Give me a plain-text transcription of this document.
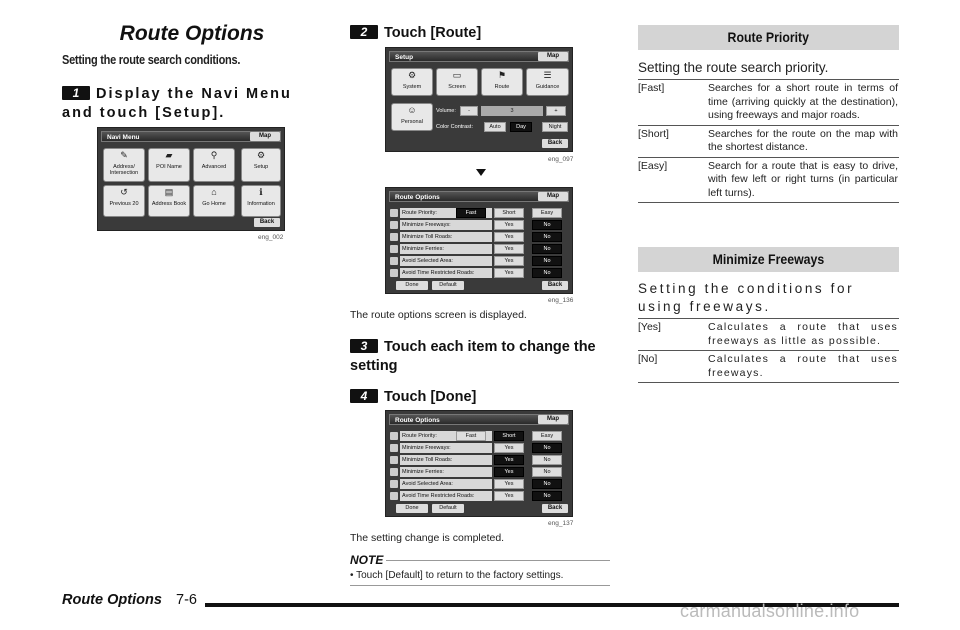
Route Options
Setting the route search conditions.
1 Display the Navi Menu and touch [Setup].
Navi Menu	Map
✎
Address/ Intersection
▰
POI Name
⚲
Advanced
⚙
Setup
↺
Previous 20
▤
Address Book
⌂
Go Home
ℹ
Information
Back
eng_002
2 Touch [Route]
Setup	Map
⚙
System
▭
Screen
⚑
Route
☰
Guidance
☺
Personal
Volume:	-	3	+
Color Contrast:	Auto	Day	Night
Back
eng_097
Route Options	Map
Route Priority:	Fast	Short	Easy
Minimize Freeways:	Yes	No
Minimize Toll Roads:	Yes	No
Minimize Ferries:	Yes	No
Avoid Selected Area:	Yes	No
Avoid Time Restricted Roads:	Yes	No
Done	Default	Back
eng_136
The route options screen is displayed.
3 Touch each item to change the setting
4 Touch [Done]
Route Options	Map
Route Priority:	Fast	Short	Easy
Minimize Freeways:	Yes	No
Minimize Toll Roads:	Yes	No
Minimize Ferries:	Yes	No
Avoid Selected Area:	Yes	No
Avoid Time Restricted Roads:	Yes	No
Done	Default	Back
eng_137
The setting change is completed.
NOTE
• Touch [Default] to return to the factory settings.
Route Priority
Setting the route search priority.
[Fast]	Searches for a short route in terms of time (arriving quickly at the destination), using freeways and major roads.
[Short]	Searches for the route on the map with the shortest distance.
[Easy]	Search for a route that is easy to drive, with few left or right turns (in particular left turns).
Minimize Freeways
Setting the conditions for using freeways.
[Yes]	Calculates a route that uses freeways as little as possible.
[No]	Calculates a route that uses freeways.
Route Options 7-6
carmanualsonline.info
